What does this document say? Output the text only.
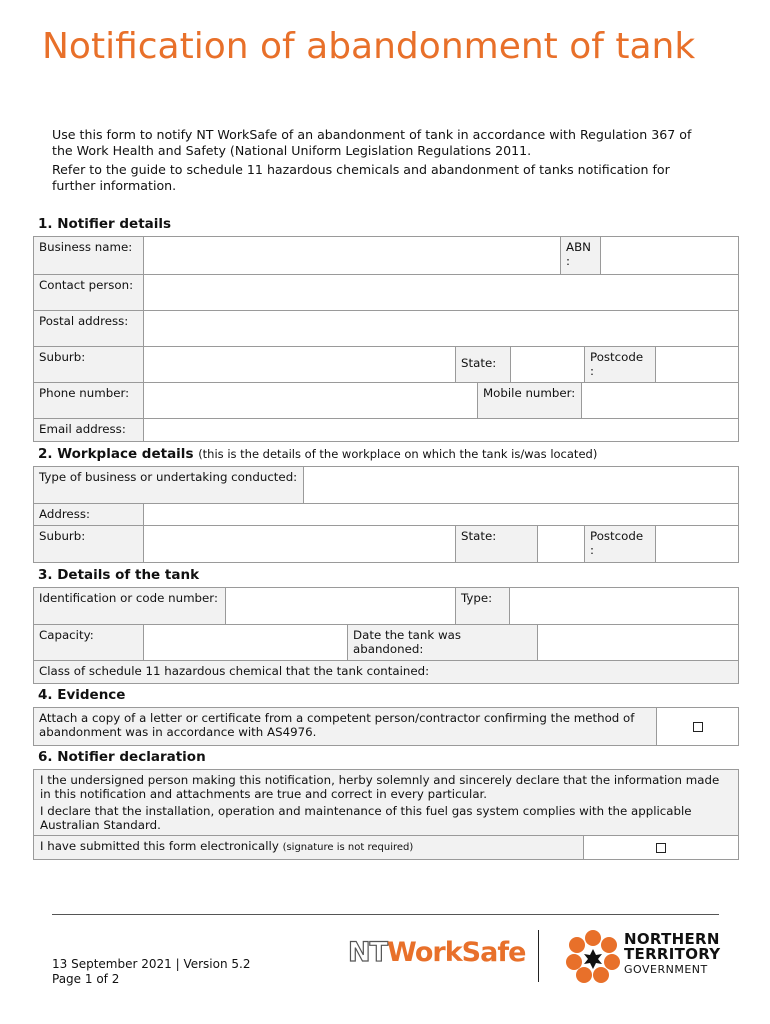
Notification of abandonment of tank

Use this form to notify NT WorkSafe of an abandonment of tank in accordance with Regulation 367 of the Work Health and Safety (National Uniform Legislation Regulations 2011.

Refer to the guide to schedule 11 hazardous chemicals and abandonment of tanks notification for further information.

1. Notifier details
Business name:	ABN :
Contact person:
Postal address:
Suburb:	State:	Postcode :
Phone number:	Mobile number:
Email address:
2. Workplace details (this is the details of the workplace on which the tank is/was located)
Type of business or undertaking conducted:
Address:
Suburb:	State:	Postcode :
3. Details of the tank
Identification or code number:	Type:
Capacity:	Date the tank was abandoned:
Class of schedule 11 hazardous chemical that the tank contained:
4. Evidence
Attach a copy of a letter or certificate from a competent person/contractor confirming the method of abandonment was in accordance with AS4976.
6. Notifier declaration
I the undersigned person making this notification, herby solemnly and sincerely declare that the information made in this notification and attachments are true and correct in every particular.
I declare that the installation, operation and maintenance of this fuel gas system complies with the applicable Australian Standard.
I have submitted this form electronically (signature is not required)

13 September 2021 | Version 5.2

Page 1 of 2

NTWorkSafe	NORTHERN
TERRITORY
GOVERNMENT
